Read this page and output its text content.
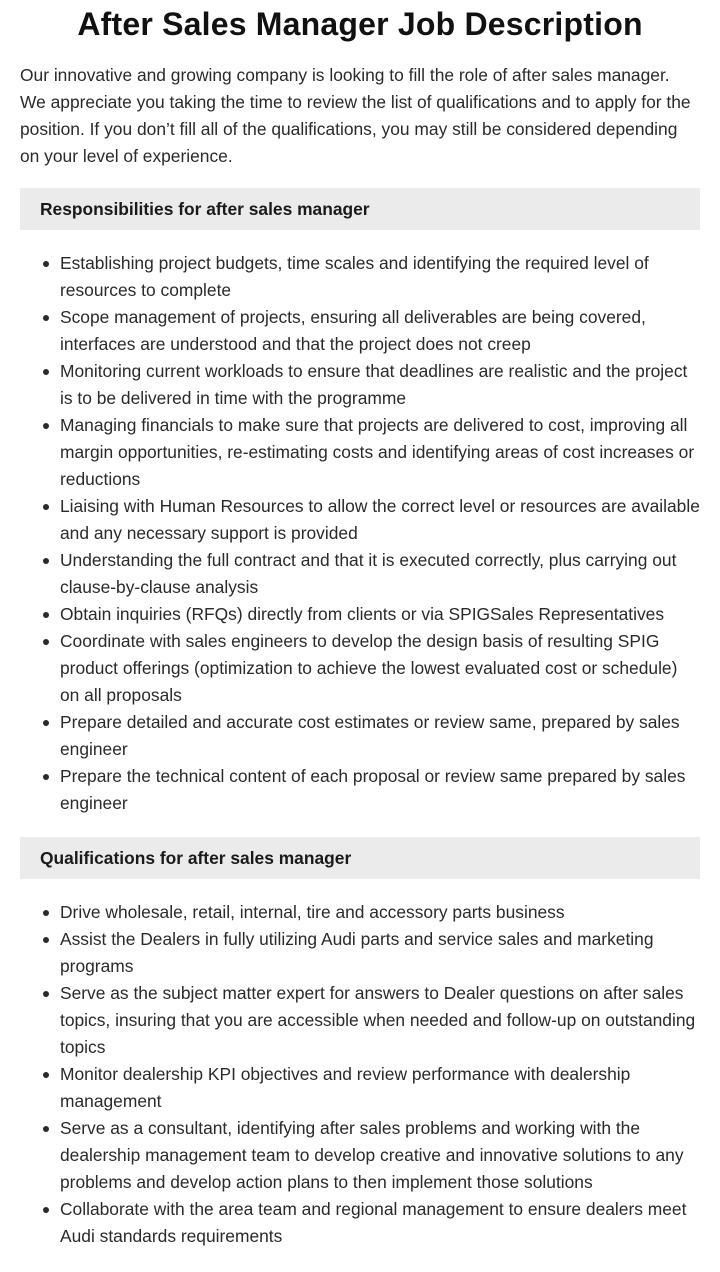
After Sales Manager Job Description

Our innovative and growing company is looking to fill the role of after sales manager. We appreciate you taking the time to review the list of qualifications and to apply for the position. If you don’t fill all of the qualifications, you may still be considered depending on your level of experience.

Responsibilities for after sales manager
Establishing project budgets, time scales and identifying the required level of resources to complete
Scope management of projects, ensuring all deliverables are being covered, interfaces are understood and that the project does not creep
Monitoring current workloads to ensure that deadlines are realistic and the project is to be delivered in time with the programme
Managing financials to make sure that projects are delivered to cost, improving all margin opportunities, re-estimating costs and identifying areas of cost increases or reductions
Liaising with Human Resources to allow the correct level or resources are available and any necessary support is provided
Understanding the full contract and that it is executed correctly, plus carrying out clause-by-clause analysis
Obtain inquiries (RFQs) directly from clients or via SPIGSales Representatives
Coordinate with sales engineers to develop the design basis of resulting SPIG product offerings (optimization to achieve the lowest evaluated cost or schedule) on all proposals
Prepare detailed and accurate cost estimates or review same, prepared by sales engineer
Prepare the technical content of each proposal or review same prepared by sales engineer
Qualifications for after sales manager
Drive wholesale, retail, internal, tire and accessory parts business
Assist the Dealers in fully utilizing Audi parts and service sales and marketing programs
Serve as the subject matter expert for answers to Dealer questions on after sales topics, insuring that you are accessible when needed and follow-up on outstanding topics
Monitor dealership KPI objectives and review performance with dealership management
Serve as a consultant, identifying after sales problems and working with the dealership management team to develop creative and innovative solutions to any problems and develop action plans to then implement those solutions
Collaborate with the area team and regional management to ensure dealers meet Audi standards requirements
